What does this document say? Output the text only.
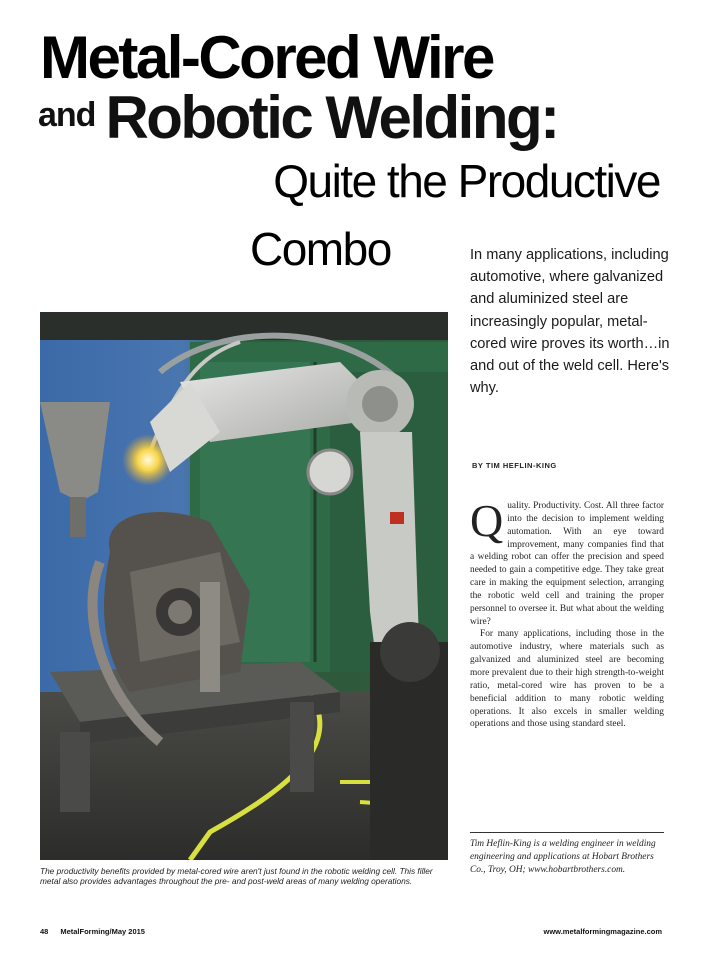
Metal-Cored Wire
and Robotic Welding:
Quite the Productive
Combo	In many applications, including automotive, where galvanized and aluminized steel are increasingly popular, metal-cored wire proves its worth…in and out of the weld cell. Here's why.
BY TIM HEFLIN-KING

Quality. Productivity. Cost. All three factor into the decision to implement welding automation. With an eye toward improvement, many companies find that a welding robot can offer the precision and speed needed to gain a competitive edge. They take great care in making the equipment selection, arranging the robotic weld cell and training the proper personnel to oversee it. But what about the welding wire?

For many applications, including those in the automotive industry, where materials such as galvanized and aluminized steel are becoming more prevalent due to their high strength-to-weight ratio, metal-cored wire has proven to be a beneficial addition to many robotic welding operations. It also excels in smaller welding operations and those using standard steel.

Tim Heflin-King is a welding engineer in welding engineering and applications at Hobart Brothers Co., Troy, OH; www.hobartbrothers.com.
The productivity benefits provided by metal-cored wire aren't just found in the robotic welding cell. This filler metal also provides advantages throughout the pre- and post-weld areas of many welding operations.
48 MetalForming/May 2015	www.metalformingmagazine.com
